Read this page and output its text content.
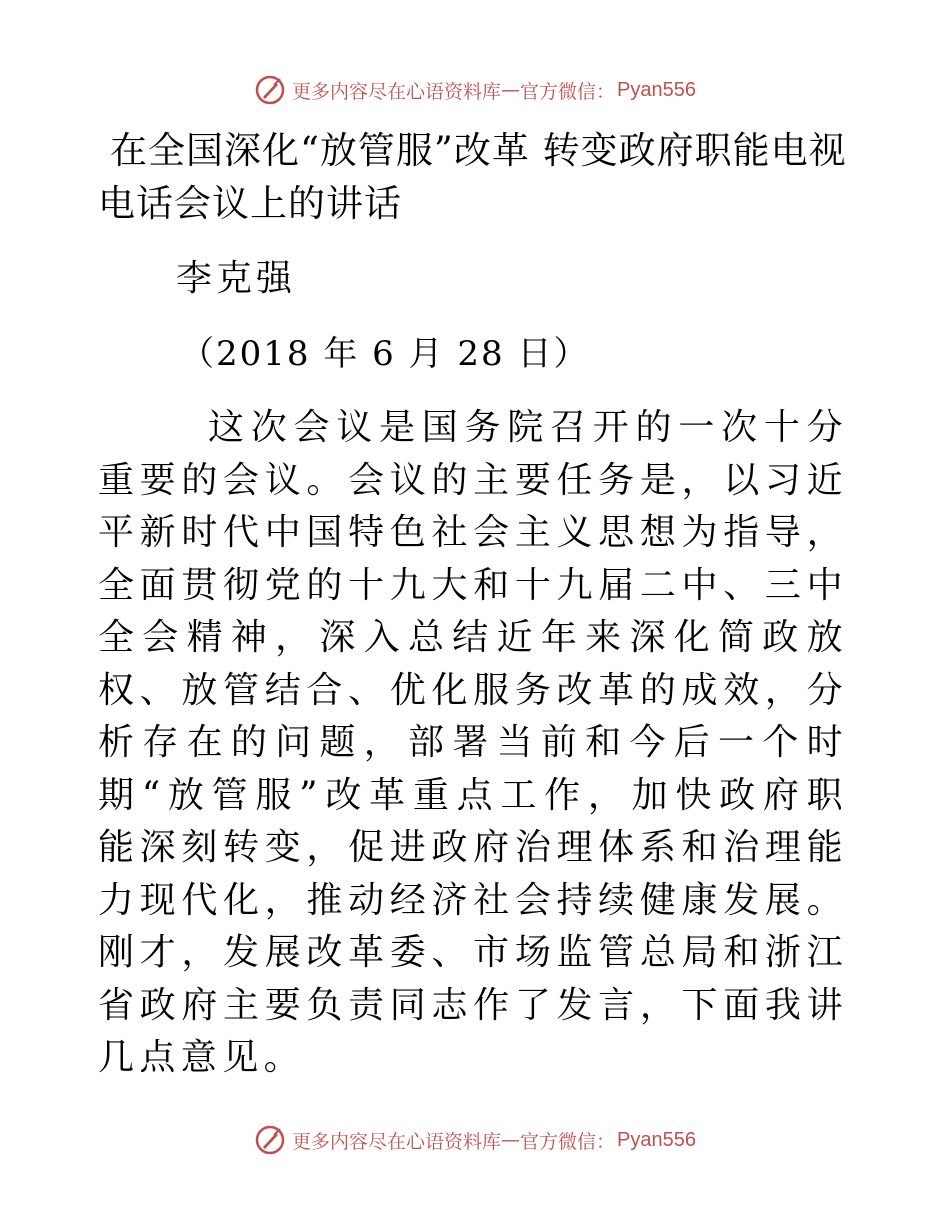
更多内容尽在心语资料库 — 官方微信： Pyan556
在全国深化“放管服”改革 转变政府职能电视电话会议上的讲话
李克强
（2018 年 6 月 28 日）
这次会议是国务院召开的一次十分重要的会议。会议的主要任务是，以习近平新时代中国特色社会主义思想为指导，全面贯彻党的十九大和十九届二中、三中全会精神，深入总结近年来深化简政放权、放管结合、优化服务改革的成效，分析存在的问题，部署当前和今后一个时期“放管服”改革重点工作，加快政府职能深刻转变，促进政府治理体系和治理能力现代化，推动经济社会持续健康发展。刚才，发展改革委、市场监管总局和浙江省政府主要负责同志作了发言，下面我讲几点意见。
更多内容尽在心语资料库 — 官方微信： Pyan556
